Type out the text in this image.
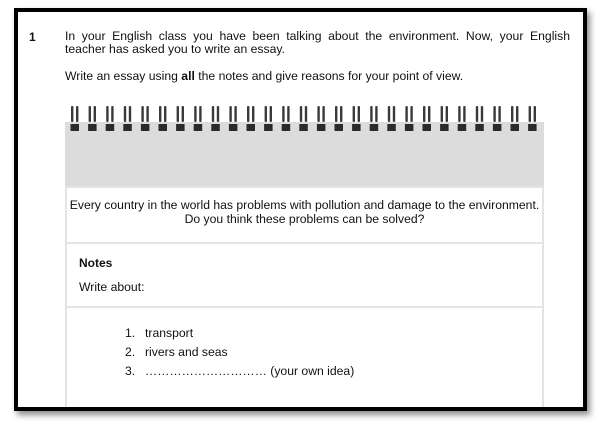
1 In your English class you have been talking about the environment. Now, your English teacher has asked you to write an essay.
Write an essay using all the notes and give reasons for your point of view.
Every country in the world has problems with pollution and damage to the environment.
Do you think these problems can be solved?
Notes
Write about:
1. transport
2. rivers and seas
3. ………………………… (your own idea)
